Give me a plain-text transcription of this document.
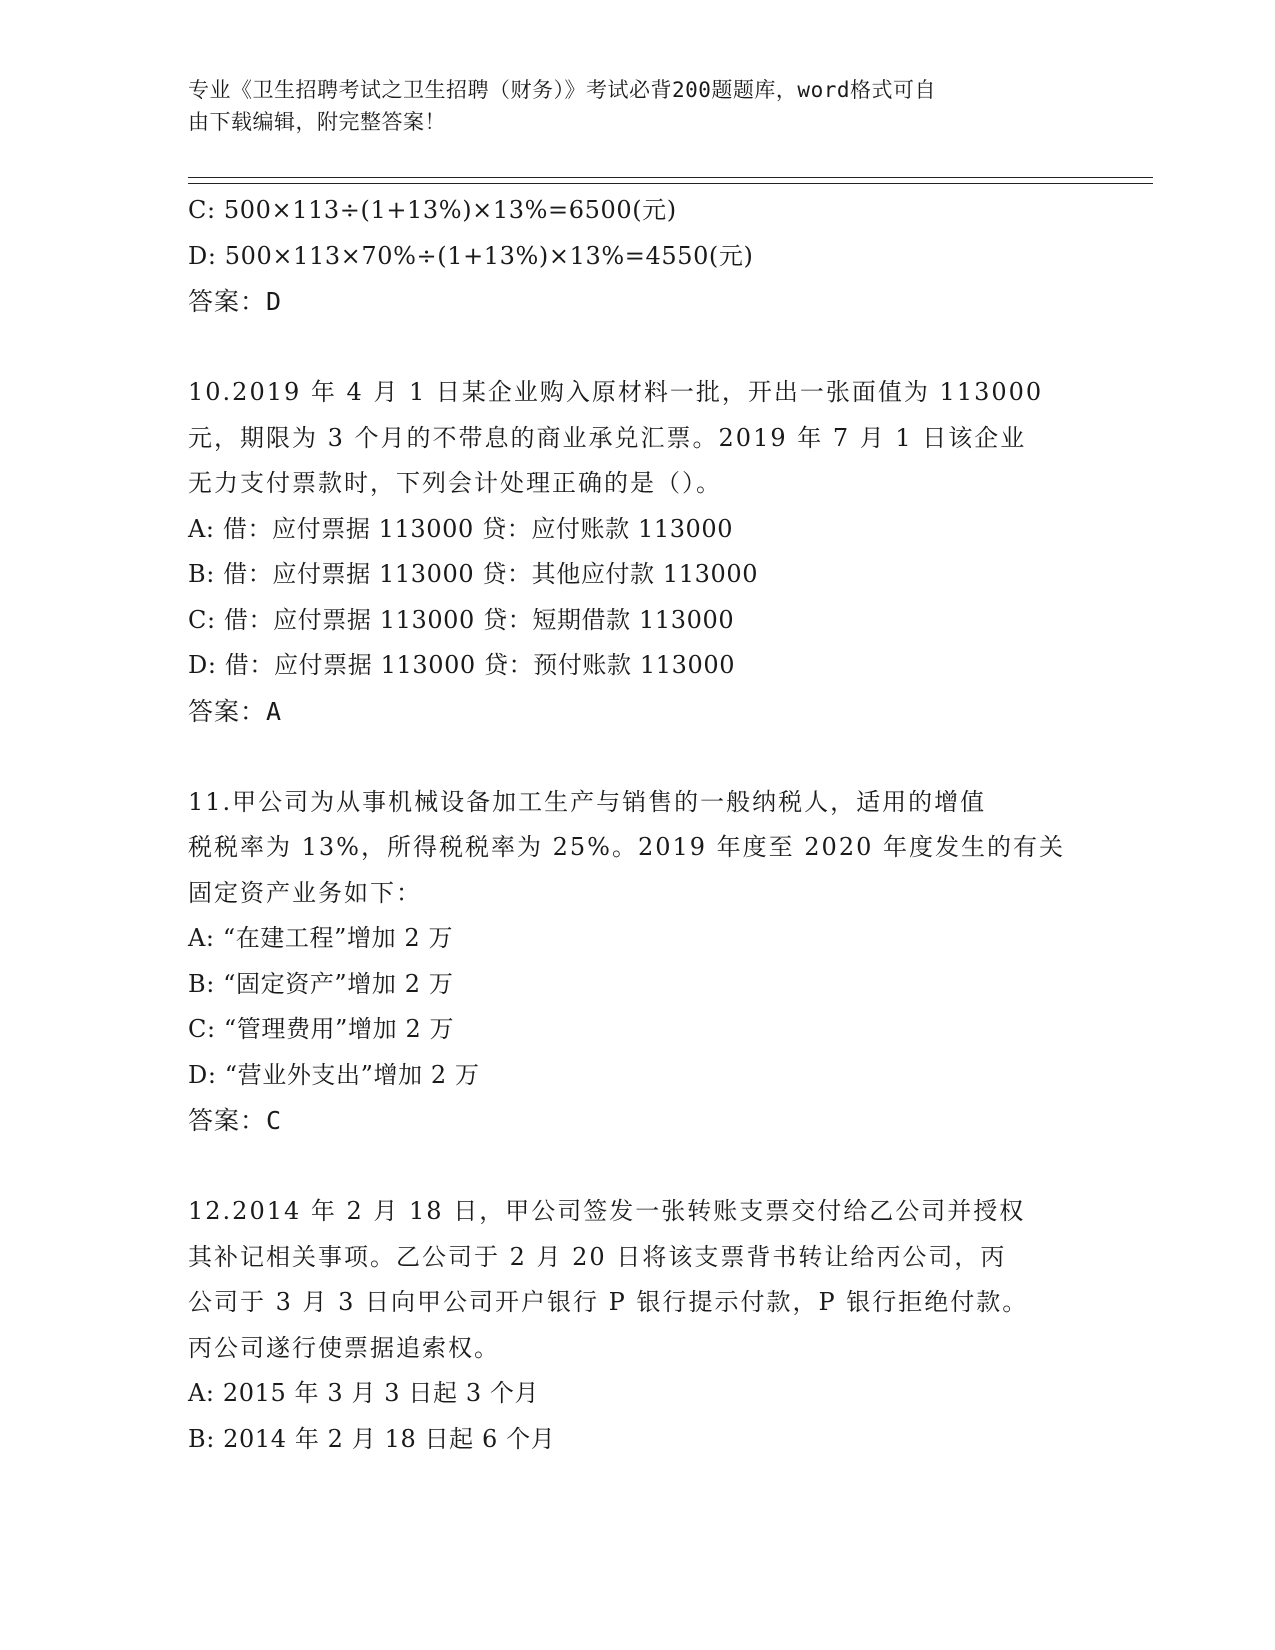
专业《卫生招聘考试之卫生招聘（财务）》考试必背200题题库，word格式可自
由下载编辑，附完整答案！
C: 500×113÷(1+13%)×13%=6500(元)
D: 500×113×70%÷(1+13%)×13%=4550(元)
答案：D
10.2019 年 4 月 1 日某企业购入原材料一批，开出一张面值为 113000
元，期限为 3 个月的不带息的商业承兑汇票。2019 年 7 月 1 日该企业
无力支付票款时，下列会计处理正确的是（）。
A: 借：应付票据 113000 贷：应付账款 113000
B: 借：应付票据 113000 贷：其他应付款 113000
C: 借：应付票据 113000 贷：短期借款 113000
D: 借：应付票据 113000 贷：预付账款 113000
答案：A
11.甲公司为从事机械设备加工生产与销售的一般纳税人，适用的增值
税税率为 13%，所得税税率为 25%。2019 年度至 2020 年度发生的有关
固定资产业务如下：
A: “在建工程”增加 2 万
B: “固定资产”增加 2 万
C: “管理费用”增加 2 万
D: “营业外支出”增加 2 万
答案：C
12.2014 年 2 月 18 日，甲公司签发一张转账支票交付给乙公司并授权
其补记相关事项。乙公司于 2 月 20 日将该支票背书转让给丙公司，丙
公司于 3 月 3 日向甲公司开户银行 P 银行提示付款，P 银行拒绝付款。
丙公司遂行使票据追索权。
A: 2015 年 3 月 3 日起 3 个月
B: 2014 年 2 月 18 日起 6 个月
